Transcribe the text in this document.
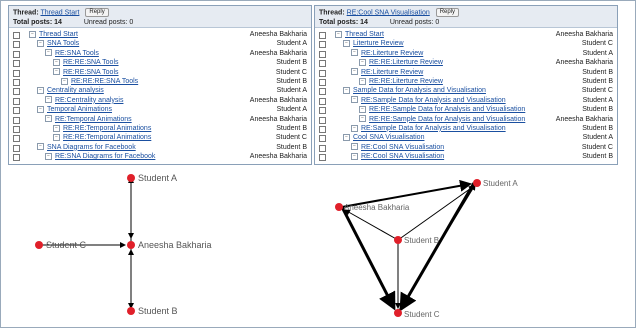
Thread: Thread Start Reply
Total posts: 14	Unread posts: 0
− Thread Start	Aneesha Bakharia
− SNA Tools	Student A
− RE:SNA Tools	Aneesha Bakharia
− RE:RE:SNA Tools	Student B
− RE:RE:SNA Tools	Student C
− RE:RE:RE:SNA Tools	Student B
− Centrality analysis	Student A
− RE:Centrality analysis	Aneesha Bakharia
− Temporal Animations	Student A
− RE:Temporal Animations	Aneesha Bakharia
− RE:RE:Temporal Animations	Student B
− RE:RE:Temporal Animations	Student C
− SNA Diagrams for Facebook	Student B
− RE:SNA Diagrams for Facebook	Aneesha Bakharia
Thread: RE:Cool SNA Visualisation Reply
Total posts: 14	Unread posts: 0
− Thread Start	Aneesha Bakharia
− Literture Review	Student C
− RE:Literture Review	Student A
− RE:RE:Literture Review	Aneesha Bakharia
− RE:Literture Review	Student B
− RE:RE:Literture Review	Student B
− Sample Data for Analysis and Visualisation	Student C
− RE:Sample Data for Analysis and Visualisation	Student A
− RE:RE:Sample Data for Analysis and Visualisation	Student B
− RE:RE:Sample Data for Analysis and Visualisation	Aneesha Bakharia
− RE:Sample Data for Analysis and Visualisation	Student B
− Cool SNA Visualisation	Student A
− RE:Cool SNA Visualisation	Student C
− RE:Cool SNA Visualisation	Student B
Student A
Student C	Aneesha Bakharia
Student B
Student A
Aneesha Bakharia
Student B
Student C
